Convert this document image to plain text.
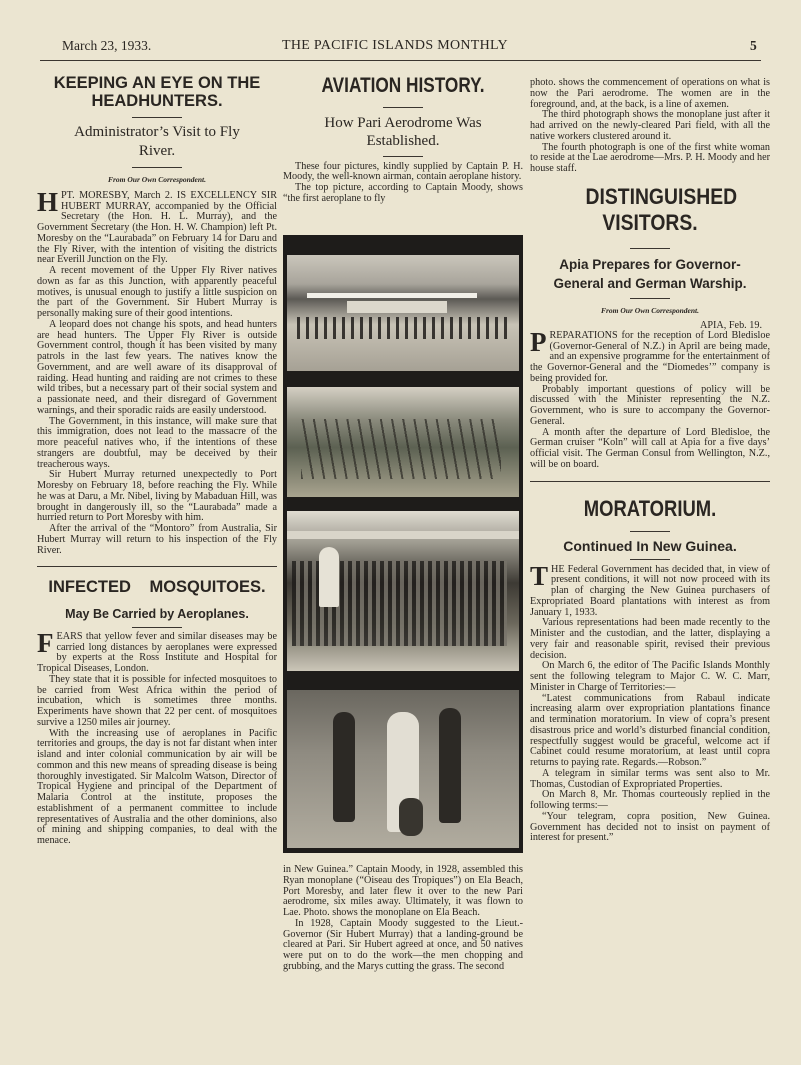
March 23, 1933.	THE PACIFIC ISLANDS MONTHLY	5
KEEPING AN EYE ON THE HEADHUNTERS.
Administrator’s Visit to Fly River.
From Our Own Correspondent.

HPT. MORESBY, March 2. IS EXCELLENCY SIR HUBERT MURRAY, accompanied by the Official Secretary (the Hon. H. L. Murray), and the Government Secretary (the Hon. H. W. Champion) left Pt. Moresby on the “Laurabada” on February 14 for Daru and the Fly River, with the intention of visiting the districts near Everill Junction on the Fly.

A recent movement of the Upper Fly River natives down as far as this Junction, with apparently peaceful motives, is unusual enough to justify a little suspicion on the part of the Government. Sir Hubert Murray is personally making sure of their good intentions.

A leopard does not change his spots, and head hunters are head hunters. The Upper Fly River is outside Government control, though it has been visited by many patrols in the last few years. The natives know the Government, and are well aware of its disapproval of raiding. Head hunting and raiding are not crimes to these wild tribes, but a necessary part of their social system and a passionate need, and their disregard of Government warnings, and their sporadic raids are easily understood.

The Government, in this instance, will make sure that this immigration, does not lead to the massacre of the more peaceful natives who, if the intentions of these strangers are doubtful, may be deceived by their treacherous ways.

Sir Hubert Murray returned unexpectedly to Port Moresby on February 18, before reaching the Fly. While he was at Daru, a Mr. Nibel, living by Mabaduan Hill, was brought in dangerously ill, so the “Laurabada” made a hurried return to Port Moresby with him.

After the arrival of the “Montoro” from Australia, Sir Hubert Murray will return to his inspection of the Fly River.

INFECTED MOSQUITOES.
May Be Carried by Aeroplanes.

FEARS that yellow fever and similar diseases may be carried long distances by aeroplanes were expressed by experts at the Ross Institute and Hospital for Tropical Diseases, London.

They state that it is possible for infected mosquitoes to be carried from West Africa within the period of incubation, which is sometimes three months. Experiments have shown that 22 per cent. of mosquitoes survive a 1250 miles air journey.

With the increasing use of aeroplanes in Pacific territories and groups, the day is not far distant when inter island and inter colonial communication by air will be common and this new means of spreading disease is being thoroughly investigated. Sir Malcolm Watson, Director of Tropical Hygiene and principal of the Department of Malaria Control at the institute, proposes the establishment of a permanent committee to include representatives of Australia and the other dominions, also of mining and shipping companies, to deal with the menace.

AVIATION HISTORY.
How Pari Aerodrome Was Established.

These four pictures, kindly supplied by Captain P. H. Moody, the well-known airman, contain aeroplane history.

The top picture, according to Captain Moody, shows “the first aeroplane to fly

in New Guinea.” Captain Moody, in 1928, assembled this Ryan monoplane (“Oiseau des Tropiques”) on Ela Beach, Port Moresby, and later flew it over to the new Pari aerodrome, six miles away. Ultimately, it was flown to Lae. Photo. shows the monoplane on Ela Beach.

In 1928, Captain Moody suggested to the Lieut.-Governor (Sir Hubert Murray) that a landing-ground be cleared at Pari. Sir Hubert agreed at once, and 50 natives were put on to do the work—the men chopping and grubbing, and the Marys cutting the grass. The second

photo. shows the commencement of operations on what is now the Pari aerodrome. The women are in the foreground, and, at the back, is a line of axemen.

The third photograph shows the monoplane just after it had arrived on the newly-cleared Pari field, with all the native workers clustered around it.

The fourth photograph is one of the first white woman to reside at the Lae aerodrome—Mrs. P. H. Moody and her house staff.

DISTINGUISHED VISITORS.
Apia Prepares for Governor-General and German Warship.
From Our Own Correspondent.
APIA, Feb. 19.

PREPARATIONS for the reception of Lord Bledisloe (Governor-General of N.Z.) in April are being made, and an expensive programme for the entertainment of the Governor-General and the “Diomedes’” company is being provided for.

Probably important questions of policy will be discussed with the Minister representing the N.Z. Government, who is sure to accompany the Governor-General.

A month after the departure of Lord Bledisloe, the German cruiser “Koln” will call at Apia for a five days’ official visit. The German Consul from Wellington, N.Z., will be on board.

MORATORIUM.
Continued In New Guinea.

THE Federal Government has decided that, in view of present conditions, it will not now proceed with its plan of charging the New Guinea purchasers of Expropriated Board plantations with interest as from January 1, 1933.

Various representations had been made recently to the Minister and the custodian, and the latter, displaying a very fair and reasonable spirit, revised their previous decision.

On March 6, the editor of The Pacific Islands Monthly sent the following telegram to Major C. W. C. Marr, Minister in Charge of Territories:—

“Latest communications from Rabaul indicate increasing alarm over expropriation plantations finance and termination moratorium. In view of copra’s present disastrous price and world’s disturbed financial condition, respectfully suggest would be graceful, welcome act if Cabinet could resume moratorium, at least until copra returns to paying rate. Regards.—Robson.”

A telegram in similar terms was sent also to Mr. Thomas, Custodian of Expropriated Properties.

On March 8, Mr. Thomas courteously replied in the following terms:—

“Your telegram, copra position, New Guinea. Government has decided not to insist on payment of interest for present.”
